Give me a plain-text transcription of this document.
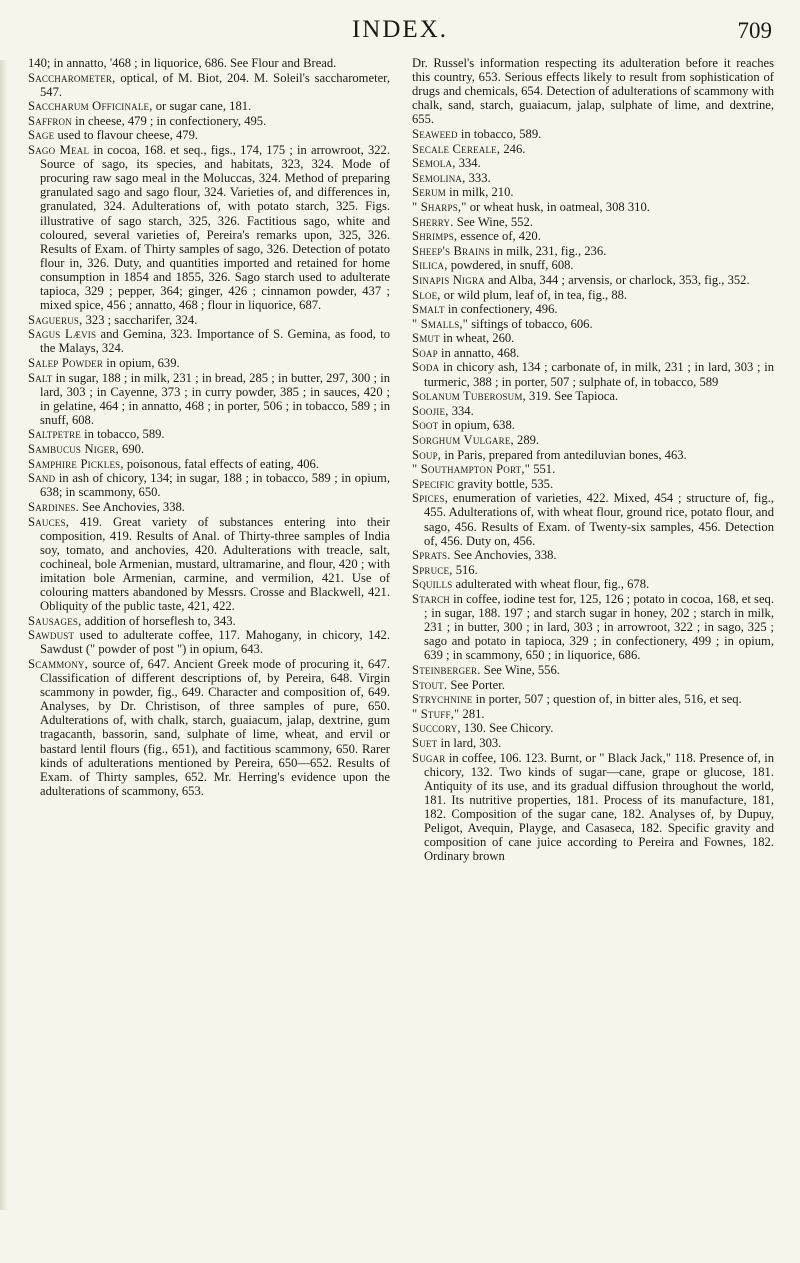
INDEX.	709

140; in annatto, '468 ; in liquorice, 686. See Flour and Bread.

Saccharometer, optical, of M. Biot, 204. M. Soleil's saccharometer, 547.

Saccharum Officinale, or sugar cane, 181.

Saffron in cheese, 479 ; in confectionery, 495.

Sage used to flavour cheese, 479.

Sago Meal in cocoa, 168. et seq., figs., 174, 175 ; in arrowroot, 322. Source of sago, its species, and habitats, 323, 324. Mode of procuring raw sago meal in the Moluccas, 324. Method of preparing granulated sago and sago flour, 324. Varieties of, and differences in, granulated, 324. Adulterations of, with potato starch, 325. Figs. illustrative of sago starch, 325, 326. Factitious sago, white and coloured, several varieties of, Pereira's remarks upon, 325, 326. Results of Exam. of Thirty samples of sago, 326. Detection of potato flour in, 326. Duty, and quantities imported and retained for home consumption in 1854 and 1855, 326. Sago starch used to adulterate tapioca, 329 ; pepper, 364; ginger, 426 ; cinnamon powder, 437 ; mixed spice, 456 ; annatto, 468 ; flour in liquorice, 687.

Saguerus, 323 ; saccharifer, 324.

Sagus Lævis and Gemina, 323. Importance of S. Gemina, as food, to the Malays, 324.

Salep Powder in opium, 639.

Salt in sugar, 188 ; in milk, 231 ; in bread, 285 ; in butter, 297, 300 ; in lard, 303 ; in Cayenne, 373 ; in curry powder, 385 ; in sauces, 420 ; in gelatine, 464 ; in annatto, 468 ; in porter, 506 ; in tobacco, 589 ; in snuff, 608.

Saltpetre in tobacco, 589.

Sambucus Niger, 690.

Samphire Pickles, poisonous, fatal effects of eating, 406.

Sand in ash of chicory, 134; in sugar, 188 ; in tobacco, 589 ; in opium, 638; in scammony, 650.

Sardines. See Anchovies, 338.

Sauces, 419. Great variety of substances entering into their composition, 419. Results of Anal. of Thirty-three samples of India soy, tomato, and anchovies, 420. Adulterations with treacle, salt, cochineal, bole Armenian, mustard, ultramarine, and flour, 420 ; with imitation bole Armenian, carmine, and vermilion, 421. Use of colouring matters abandoned by Messrs. Crosse and Blackwell, 421. Obliquity of the public taste, 421, 422.

Sausages, addition of horseflesh to, 343.

Sawdust used to adulterate coffee, 117. Mahogany, in chicory, 142. Sawdust (" powder of post ") in opium, 643.

Scammony, source of, 647. Ancient Greek mode of procuring it, 647. Classification of different descriptions of, by Pereira, 648. Virgin scammony in powder, fig., 649. Character and composition of, 649. Analyses, by Dr. Christison, of three samples of pure, 650. Adulterations of, with chalk, starch, guaiacum, jalap, dextrine, gum tragacanth, bassorin, sand, sulphate of lime, wheat, and ervil or bastard lentil flours (fig., 651), and factitious scammony, 650. Rarer kinds of adulterations mentioned by Pereira, 650—652. Results of Exam. of Thirty samples, 652. Mr. Herring's evidence upon the adulterations of scammony, 653.

Dr. Russel's information respecting its adulteration before it reaches this country, 653. Serious effects likely to result from sophistication of drugs and chemicals, 654. Detection of adulterations of scammony with chalk, sand, starch, guaiacum, jalap, sulphate of lime, and dextrine, 655.

Seaweed in tobacco, 589.

Secale Cereale, 246.

Semola, 334.

Semolina, 333.

Serum in milk, 210.

" Sharps," or wheat husk, in oatmeal, 308 310.

Sherry. See Wine, 552.

Shrimps, essence of, 420.

Sheep's Brains in milk, 231, fig., 236.

Silica, powdered, in snuff, 608.

Sinapis Nigra and Alba, 344 ; arvensis, or charlock, 353, fig., 352.

Sloe, or wild plum, leaf of, in tea, fig., 88.

Smalt in confectionery, 496.

" Smalls," siftings of tobacco, 606.

Smut in wheat, 260.

Soap in annatto, 468.

Soda in chicory ash, 134 ; carbonate of, in milk, 231 ; in lard, 303 ; in turmeric, 388 ; in porter, 507 ; sulphate of, in tobacco, 589

Solanum Tuberosum, 319. See Tapioca.

Soojie, 334.

Soot in opium, 638.

Sorghum Vulgare, 289.

Soup, in Paris, prepared from antediluvian bones, 463.

" Southampton Port," 551.

Specific gravity bottle, 535.

Spices, enumeration of varieties, 422. Mixed, 454 ; structure of, fig., 455. Adulterations of, with wheat flour, ground rice, potato flour, and sago, 456. Results of Exam. of Twenty-six samples, 456. Detection of, 456. Duty on, 456.

Sprats. See Anchovies, 338.

Spruce, 516.

Squills adulterated with wheat flour, fig., 678.

Starch in coffee, iodine test for, 125, 126 ; potato in cocoa, 168, et seq. ; in sugar, 188. 197 ; and starch sugar in honey, 202 ; starch in milk, 231 ; in butter, 300 ; in lard, 303 ; in arrowroot, 322 ; in sago, 325 ; sago and potato in tapioca, 329 ; in confectionery, 499 ; in opium, 639 ; in scammony, 650 ; in liquorice, 686.

Steinberger. See Wine, 556.

Stout. See Porter.

Strychnine in porter, 507 ; question of, in bitter ales, 516, et seq.

" Stuff," 281.

Succory, 130. See Chicory.

Suet in lard, 303.

Sugar in coffee, 106. 123. Burnt, or " Black Jack," 118. Presence of, in chicory, 132. Two kinds of sugar—cane, grape or glucose, 181. Antiquity of its use, and its gradual diffusion throughout the world, 181. Its nutritive properties, 181. Process of its manufacture, 181, 182. Composition of the sugar cane, 182. Analyses of, by Dupuy, Peligot, Avequin, Playge, and Casaseca, 182. Specific gravity and composition of cane juice according to Pereira and Fownes, 182. Ordinary brown
